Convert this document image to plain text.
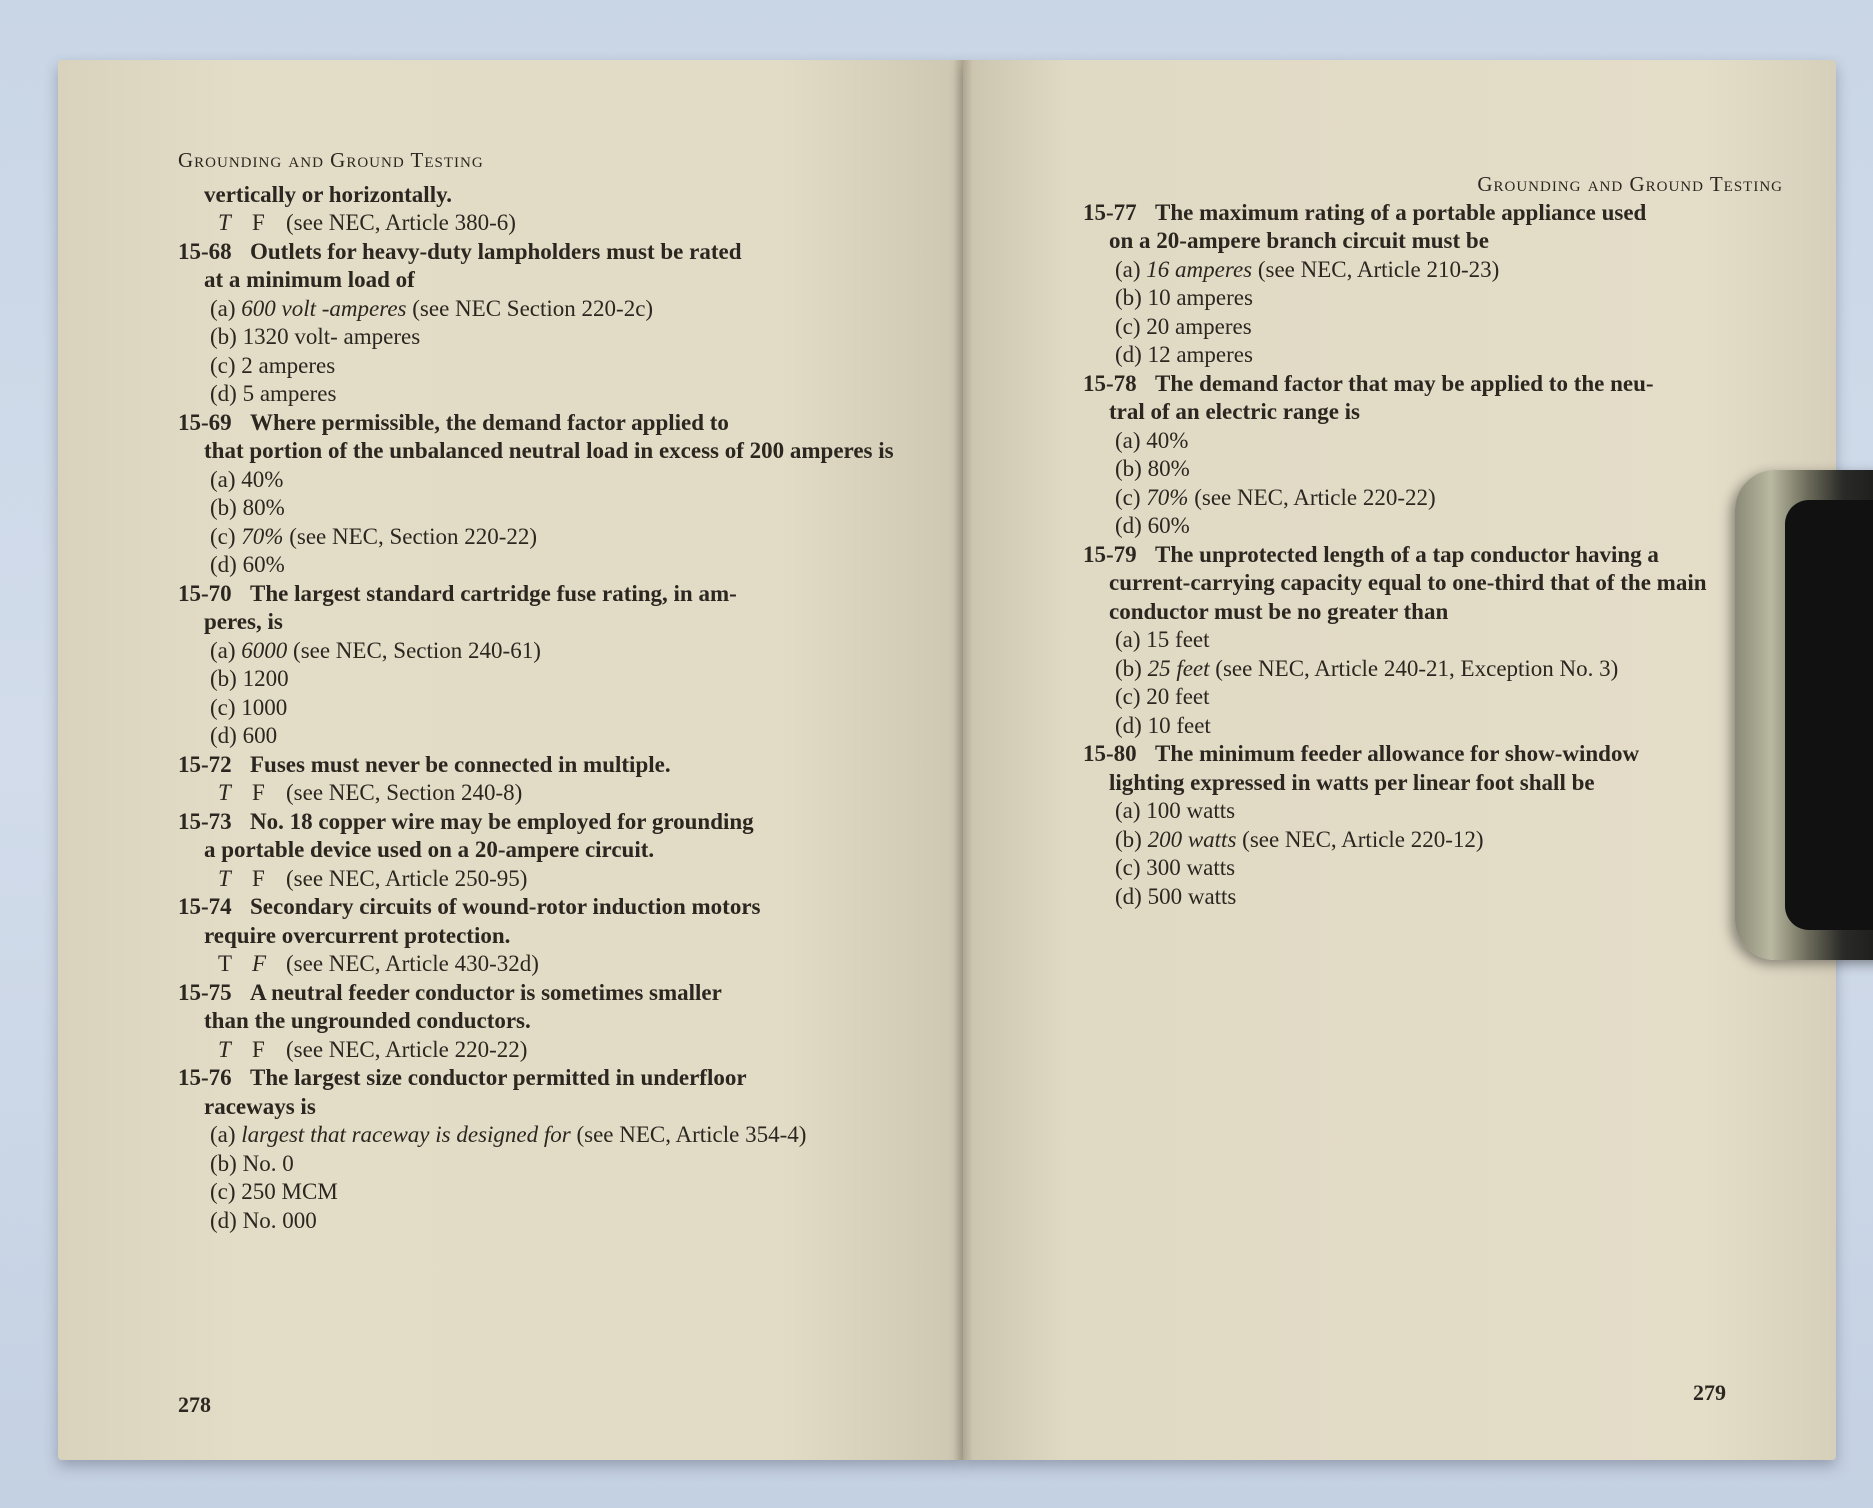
Grounding and Ground Testing
vertically or horizontally.
T F (see NEC, Article 380-6)
15-68 Outlets for heavy-duty lampholders must be rated
at a minimum load of
(a) 600 volt -amperes (see NEC Section 220-2c)
(b) 1320 volt- amperes
(c) 2 amperes
(d) 5 amperes
15-69 Where permissible, the demand factor applied to
that portion of the unbalanced neutral load in excess of 200 amperes is
(a) 40%
(b) 80%
(c) 70% (see NEC, Section 220-22)
(d) 60%
15-70 The largest standard cartridge fuse rating, in am-
peres, is
(a) 6000 (see NEC, Section 240-61)
(b) 1200
(c) 1000
(d) 600
15-72 Fuses must never be connected in multiple.
T F (see NEC, Section 240-8)
15-73 No. 18 copper wire may be employed for grounding
a portable device used on a 20-ampere circuit.
T F (see NEC, Article 250-95)
15-74 Secondary circuits of wound-rotor induction motors
require overcurrent protection.
T F (see NEC, Article 430-32d)
15-75 A neutral feeder conductor is sometimes smaller
than the ungrounded conductors.
T F (see NEC, Article 220-22)
15-76 The largest size conductor permitted in underfloor
raceways is
(a) largest that raceway is designed for (see NEC, Article 354-4)
(b) No. 0
(c) 250 MCM
(d) No. 000
278
Grounding and Ground Testing
15-77 The maximum rating of a portable appliance used
on a 20-ampere branch circuit must be
(a) 16 amperes (see NEC, Article 210-23)
(b) 10 amperes
(c) 20 amperes
(d) 12 amperes
15-78 The demand factor that may be applied to the neu-
tral of an electric range is
(a) 40%
(b) 80%
(c) 70% (see NEC, Article 220-22)
(d) 60%
15-79 The unprotected length of a tap conductor having a
current-carrying capacity equal to one-third that of the main conductor must be no greater than
(a) 15 feet
(b) 25 feet (see NEC, Article 240-21, Exception No. 3)
(c) 20 feet
(d) 10 feet
15-80 The minimum feeder allowance for show-window
lighting expressed in watts per linear foot shall be
(a) 100 watts
(b) 200 watts (see NEC, Article 220-12)
(c) 300 watts
(d) 500 watts
279
